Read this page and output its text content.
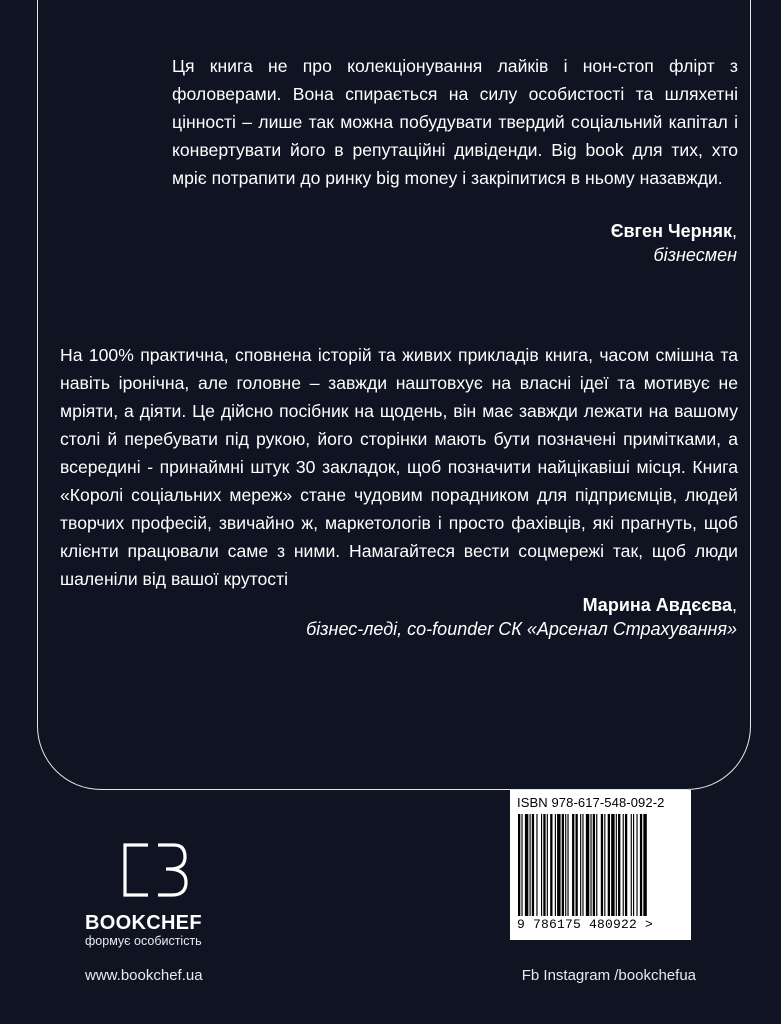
Ця книга не про колекціонування лайків і нон-стоп флірт з фоловерами. Вона спирається на силу особистості та шляхетні цінності – лише так можна побудувати твердий соціальний капітал і конвертувати його в репутаційні дивіденди. Big book для тих, хто мріє потрапити до ринку big money і закріпитися в ньому назавжди.

Євген Черняк,
бізнесмен

На 100% практична, сповнена історій та живих прикладів книга, часом смішна та навіть іронічна, але головне – завжди наштовхує на власні ідеї та мотивує не мріяти, а діяти. Це дійсно посібник на щодень, він має завжди лежати на вашому столі й перебувати під рукою, його сторінки мають бути позначені примітками, а всередині - принаймні штук 30 закладок, щоб позначити найцікавіші місця. Книга «Королі соціальних мереж» стане чудовим порадником для підприємців, людей творчих професій, звичайно ж, маркетологів і просто фахівців, які прагнуть, щоб клієнти працювали саме з ними. Намагайтеся вести соцмережі так, щоб люди шаленіли від вашої крутості

Марина Авдєєва,
бізнес-леді, co-founder СК «Арсенал Страхування»
BOOKCHEF
формує особистість
ISBN 978-617-548-092-2
9 786175 480922 >
www.bookchef.ua	Fb Instagram /bookchefua
